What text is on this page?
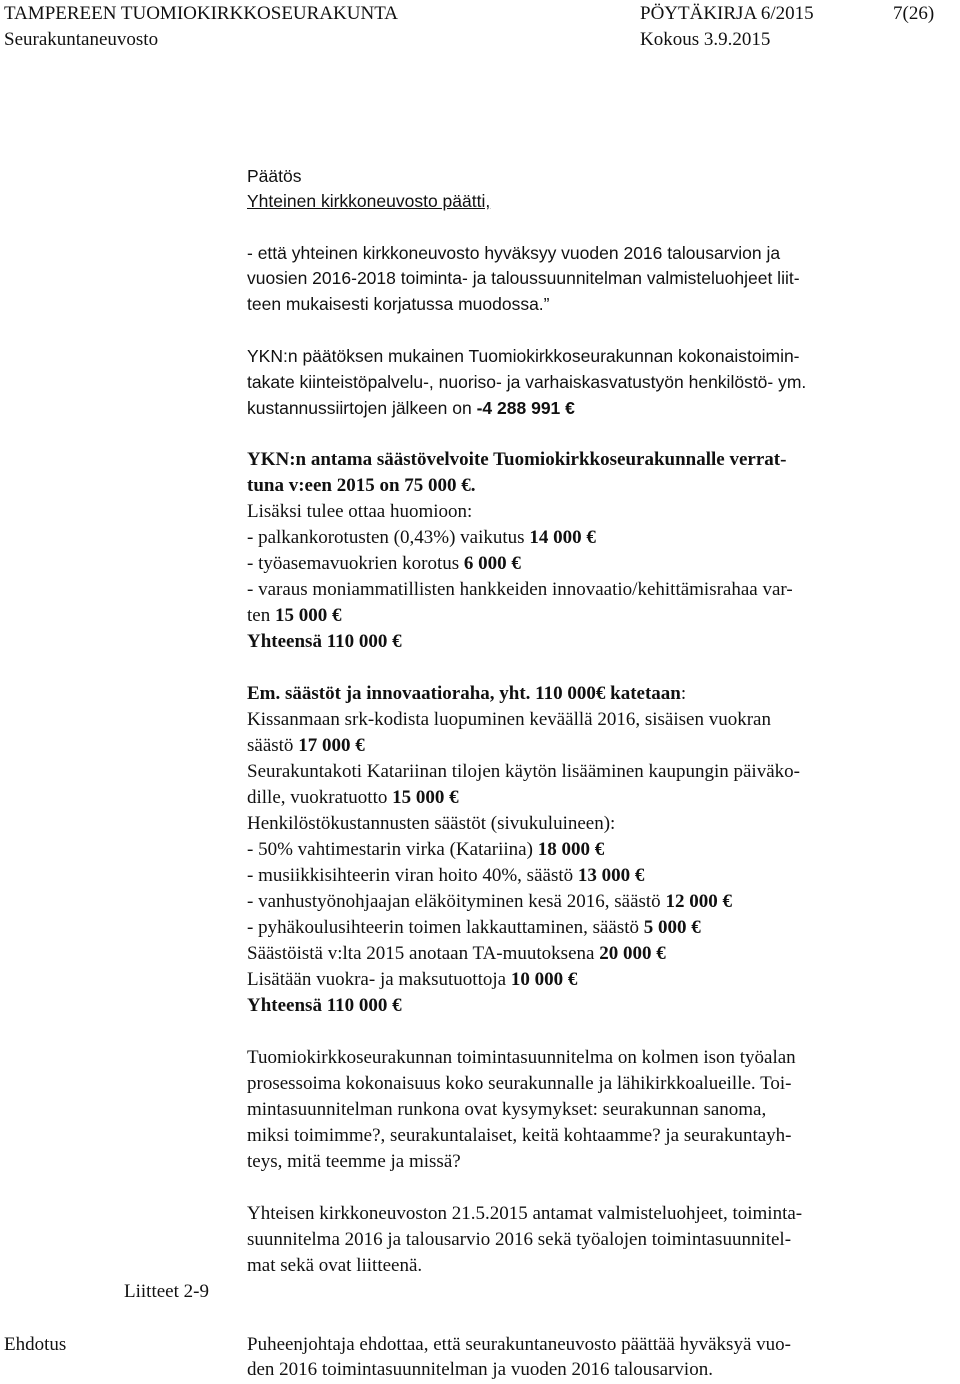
TAMPEREEN TUOMIOKIRKKOSEURAKUNTA	PÖYTÄKIRJA 6/2015	7(26)
Seurakuntaneuvosto	Kokous 3.9.2015
Päätös
Yhteinen kirkkoneuvosto päätti,
- että yhteinen kirkkoneuvosto hyväksyy vuoden 2016 talousarvion ja
vuosien 2016-2018 toiminta- ja taloussuunnitelman valmisteluohjeet liit-
teen mukaisesti korjatussa muodossa.”
YKN:n päätöksen mukainen Tuomiokirkkoseurakunnan kokonaistoimin-
takate kiinteistöpalvelu-, nuoriso- ja varhaiskasvatustyön henkilöstö- ym.
kustannussiirtojen jälkeen on -4 288 991 €
YKN:n antama säästövelvoite Tuomiokirkkoseurakunnalle verrat-
tuna v:een 2015 on 75 000 €.
Lisäksi tulee ottaa huomioon:
- palkankorotusten (0,43%) vaikutus 14 000 €
- työasemavuokrien korotus 6 000 €
- varaus moniammatillisten hankkeiden innovaatio/kehittämisrahaa var-
ten 15 000 €
Yhteensä 110 000 €
Em. säästöt ja innovaatioraha, yht. 110 000€ katetaan:
Kissanmaan srk-kodista luopuminen keväällä 2016, sisäisen vuokran
säästö 17 000 €
Seurakuntakoti Katariinan tilojen käytön lisääminen kaupungin päiväko-
dille, vuokratuotto 15 000 €
Henkilöstökustannusten säästöt (sivukuluineen):
- 50% vahtimestarin virka (Katariina) 18 000 €
- musiikkisihteerin viran hoito 40%, säästö 13 000 €
- vanhustyönohjaajan eläköityminen kesä 2016, säästö 12 000 €
- pyhäkoulusihteerin toimen lakkauttaminen, säästö 5 000 €
Säästöistä v:lta 2015 anotaan TA-muutoksena 20 000 €
Lisätään vuokra- ja maksutuottoja 10 000 €
Yhteensä 110 000 €
Tuomiokirkkoseurakunnan toimintasuunnitelma on kolmen ison työalan
prosessoima kokonaisuus koko seurakunnalle ja lähikirkkoalueille. Toi-
mintasuunnitelman runkona ovat kysymykset: seurakunnan sanoma,
miksi toimimme?, seurakuntalaiset, keitä kohtaamme? ja seurakuntayh-
teys, mitä teemme ja missä?
Yhteisen kirkkoneuvoston 21.5.2015 antamat valmisteluohjeet, toiminta-
suunnitelma 2016 ja talousarvio 2016 sekä työalojen toimintasuunnitel-
mat sekä ovat liitteenä.
Liitteet 2-9
Ehdotus	Puheenjohtaja ehdottaa, että seurakuntaneuvosto päättää hyväksyä vuo-
den 2016 toimintasuunnitelman ja vuoden 2016 talousarvion.
